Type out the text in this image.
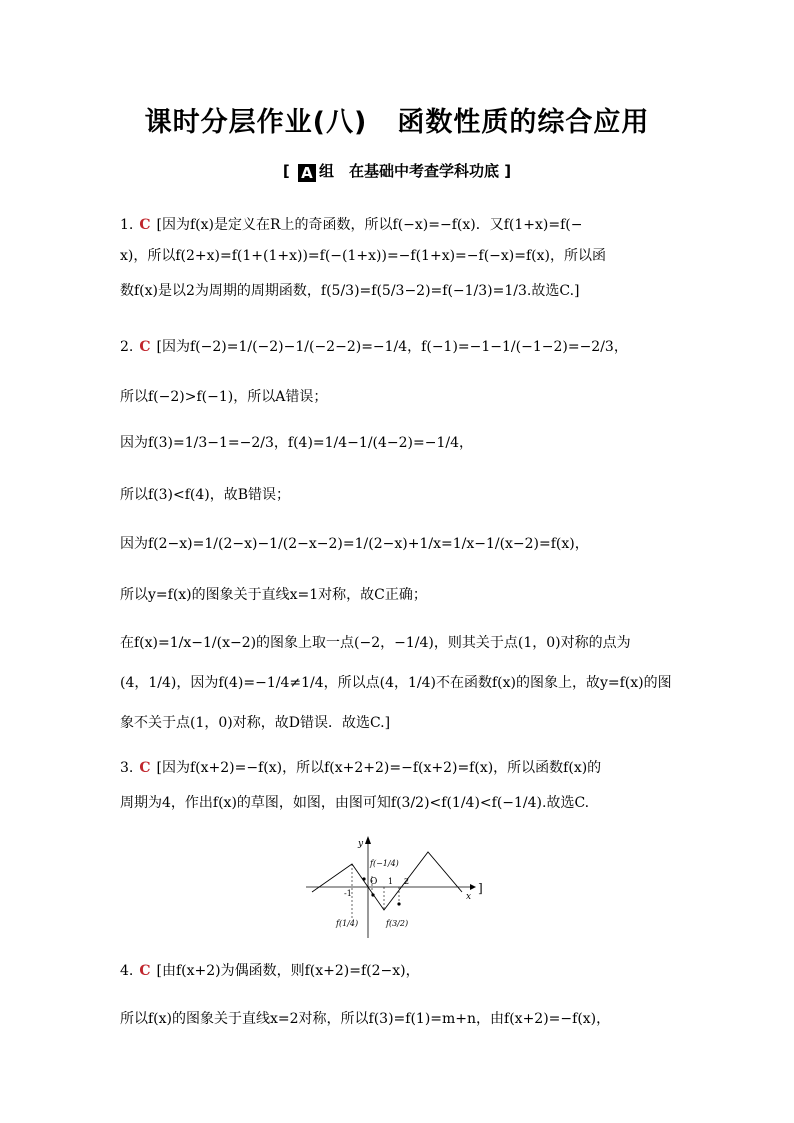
课时分层作业(八) 函数性质的综合应用
[ A 组　在基础中考查学科功底 ]
1. C [因为f(x)是定义在R上的奇函数，所以f(−x)=−f(x)．又f(1+x)=f(−
x)，所以f(2+x)=f(1+(1+x))=f(−(1+x))=−f(1+x)=−f(−x)=f(x)，所以函
数f(x)是以2为周期的周期函数，f(5/3)=f(5/3−2)=f(−1/3)=1/3.故选C.]
2. C [因为f(−2)=1/(−2)−1/(−2−2)=−1/4，f(−1)=−1−1/(−1−2)=−2/3，
所以f(−2)>f(−1)，所以A错误；
因为f(3)=1/3−1=−2/3，f(4)=1/4−1/(4−2)=−1/4，
所以f(3)<f(4)，故B错误；
因为f(2−x)=1/(2−x)−1/(2−x−2)=1/(2−x)+1/x=1/x−1/(x−2)=f(x)，
所以y=f(x)的图象关于直线x=1对称，故C正确；
在f(x)=1/x−1/(x−2)的图象上取一点(−2，−1/4)，则其关于点(1，0)对称的点为
(4，1/4)，因为f(4)=−1/4≠1/4，所以点(4，1/4)不在函数f(x)的图象上，故y=f(x)的图
象不关于点(1，0)对称，故D错误．故选C.]
3. C [因为f(x+2)=−f(x)，所以f(x+2+2)=−f(x+2)=f(x)，所以函数f(x)的
周期为4，作出f(x)的草图，如图，由图可知f(3/2)<f(1/4)<f(−1/4).故选C.
y
x
O
-1
1 2
f(−1/4)
f(1/4)	f(3/2)
]
4. C [由f(x+2)为偶函数，则f(x+2)=f(2−x)，
所以f(x)的图象关于直线x=2对称，所以f(3)=f(1)=m+n，由f(x+2)=−f(x)，
